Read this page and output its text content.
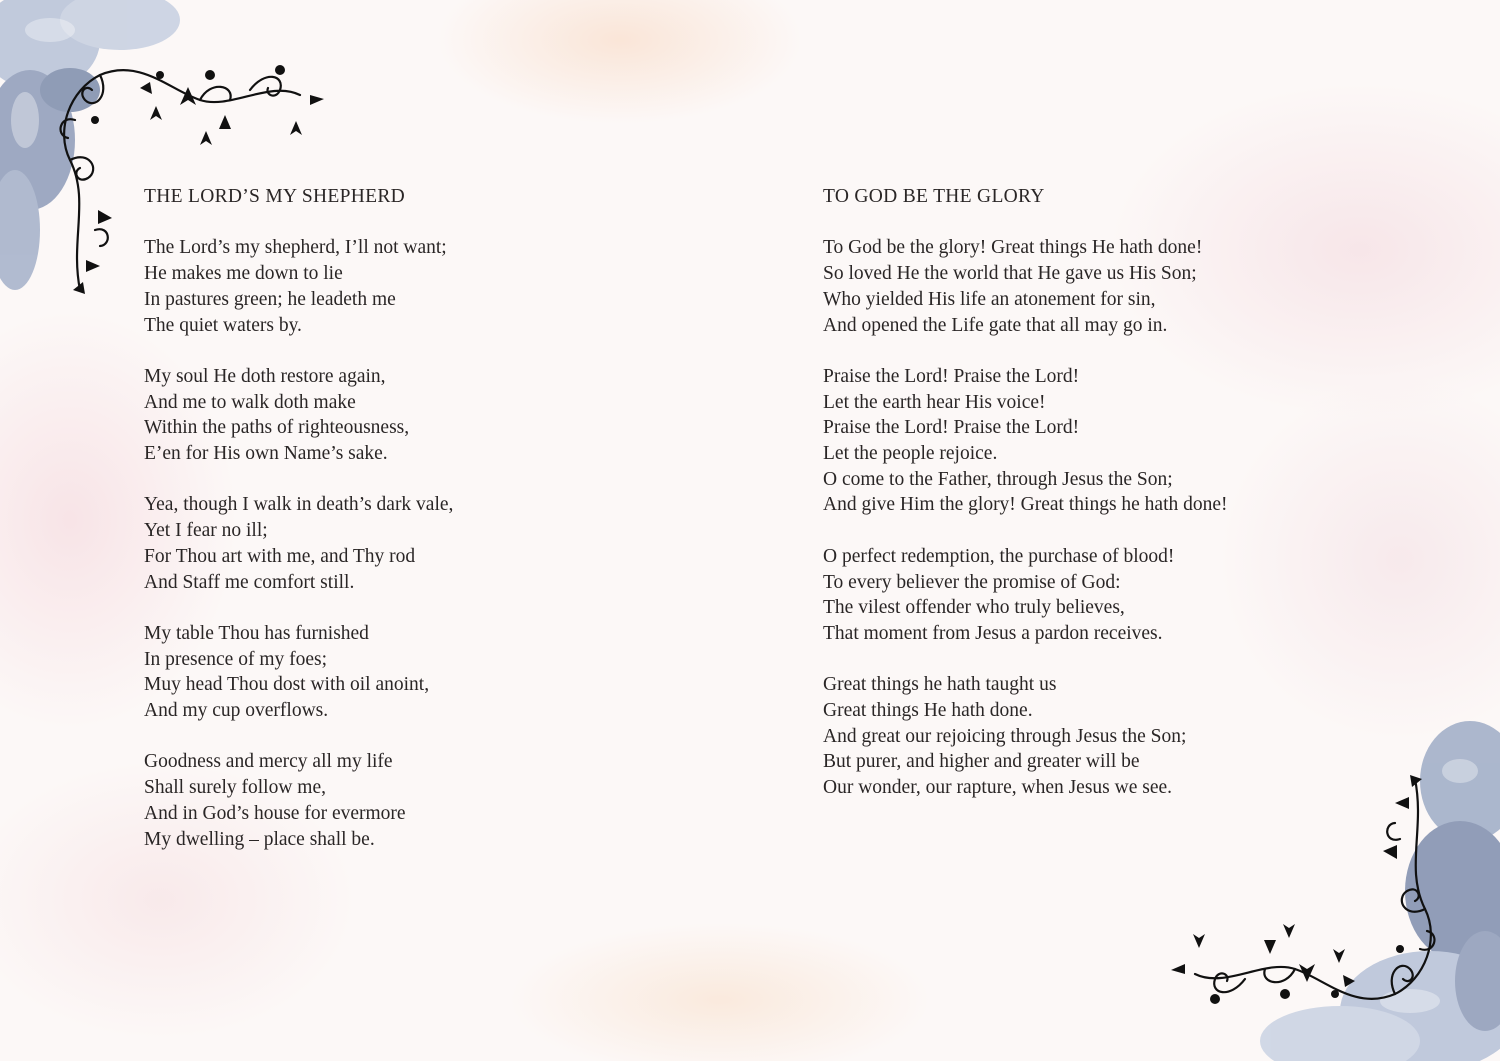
THE LORD’S MY SHEPHERD
The Lord’s my shepherd, I’ll not want;
He makes me down to lie
In pastures green; he leadeth me
The quiet waters by.
My soul He doth restore again,
And me to walk doth make
Within the paths of righteousness,
E’en for His own Name’s sake.
Yea, though I walk in death’s dark vale,
Yet I fear no ill;
For Thou art with me, and Thy rod
And Staff me comfort still.
My table Thou has furnished
In presence of my foes;
Muy head Thou dost with oil anoint,
And my cup overflows.
Goodness and mercy all my life
Shall surely follow me,
And in God’s house for evermore
My dwelling – place shall be.
TO GOD BE THE GLORY
To God be the glory! Great things He hath done!
So loved He the world that He gave us His Son;
Who yielded His life an atonement for sin,
And opened the Life gate that all may go in.
Praise the Lord! Praise the Lord!
Let the earth hear His voice!
Praise the Lord! Praise the Lord!
Let the people rejoice.
O come to the Father, through Jesus the Son;
And give Him the glory! Great things he hath done!
O perfect redemption, the purchase of blood!
To every believer the promise of God:
The vilest offender who truly believes,
That moment from Jesus a pardon receives.
Great things he hath taught us
Great things He hath done.
And great our rejoicing through Jesus the Son;
But purer, and higher and greater will be
Our wonder, our rapture, when Jesus we see.
